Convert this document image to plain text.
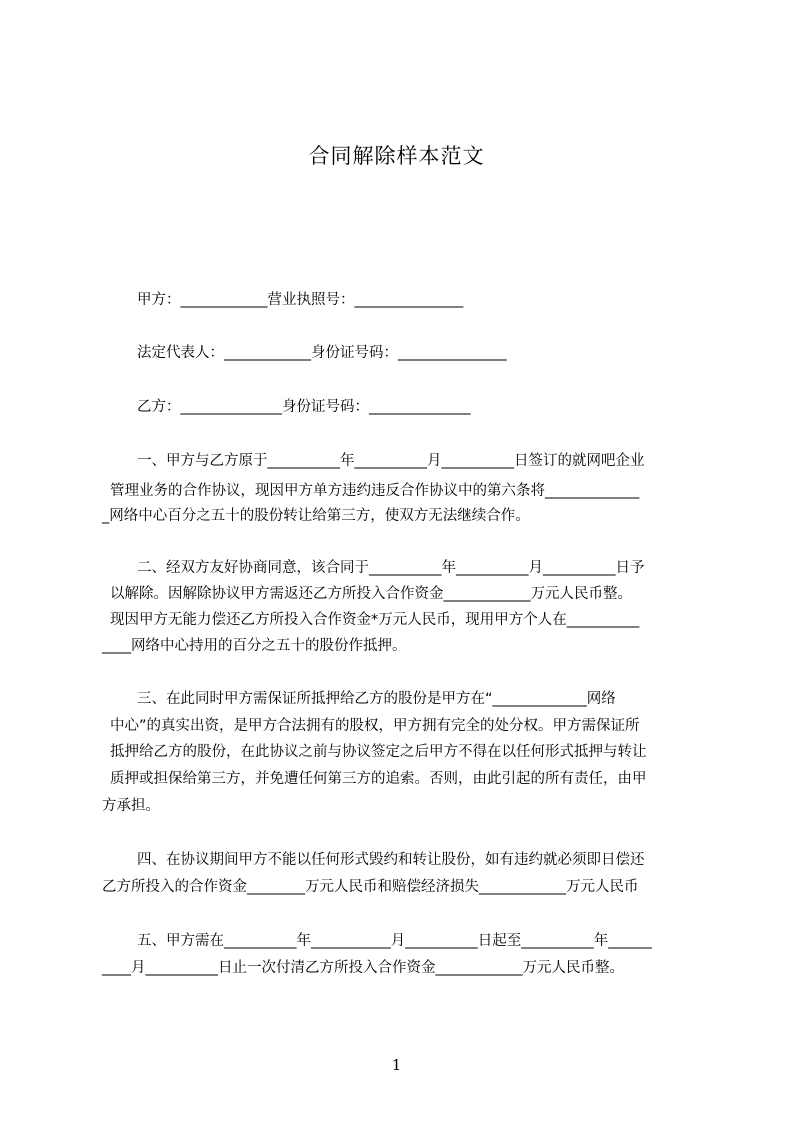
合同解除样本范文
甲方：____________营业执照号：_______________
法定代表人：____________身份证号码：_______________
乙方：______________身份证号码：______________
一、甲方与乙方原于__________年__________月__________日签订的就网吧企业
管理业务的合作协议，现因甲方单方违约违反合作协议中的第六条将_____________
_网络中心百分之五十的股份转让给第三方，使双方无法继续合作。
二、经双方友好协商同意，该合同于__________年__________月__________日予
以解除。因解除协议甲方需返还乙方所投入合作资金____________万元人民币整。
现因甲方无能力偿还乙方所投入合作资金*万元人民币，现用甲方个人在__________
____网络中心持用的百分之五十的股份作抵押。
三、在此同时甲方需保证所抵押给乙方的股份是甲方在“_____________网络
中心”的真实出资，是甲方合法拥有的股权，甲方拥有完全的处分权。甲方需保证所
抵押给乙方的股份，在此协议之前与协议签定之后甲方不得在以任何形式抵押与转让
质押或担保给第三方，并免遭任何第三方的追索。否则，由此引起的所有责任，由甲
方承担。
四、在协议期间甲方不能以任何形式毁约和转让股份，如有违约就必须即日偿还
乙方所投入的合作资金________万元人民币和赔偿经济损失____________万元人民币
五、甲方需在__________年___________月__________日起至__________年______
____月__________日止一次付清乙方所投入合作资金____________万元人民币整。
1
